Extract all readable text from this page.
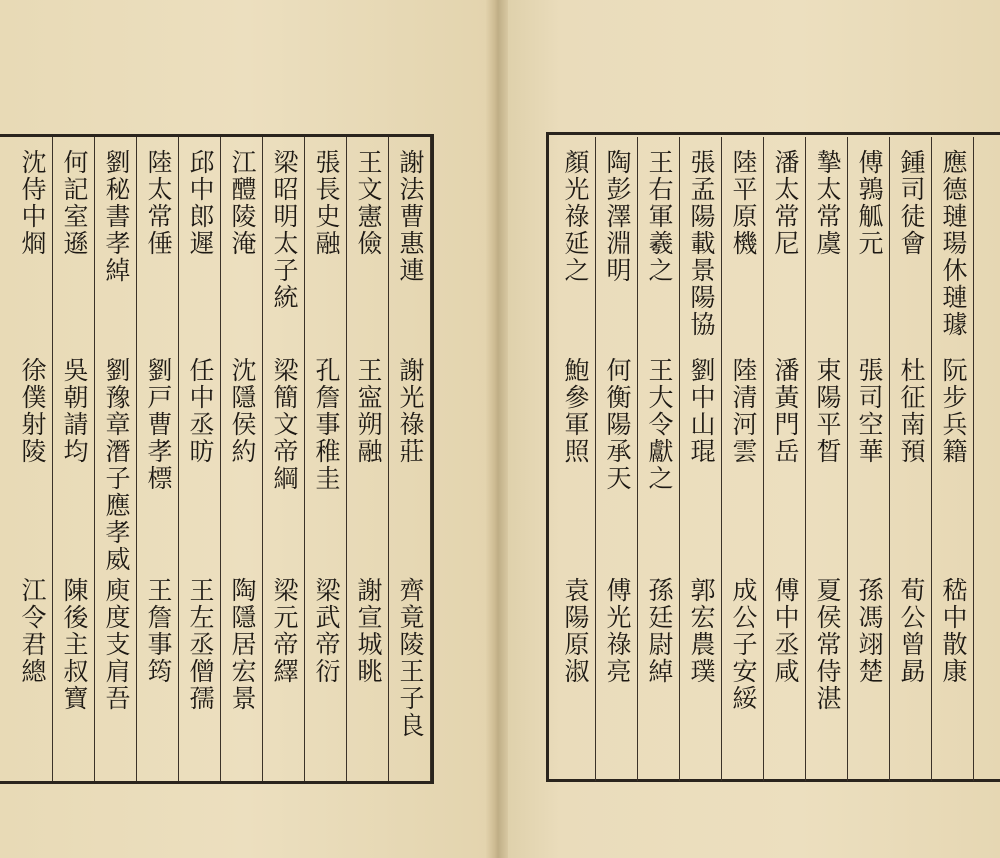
謝法曹惠連
謝光祿莊
齊竟陵王子良
王文憲儉
王寍朔融
謝宣城眺
張長史融
孔詹事稚圭
梁武帝衍
梁昭明太子統
梁簡文帝綱
梁元帝繹
江醴陵淹
沈隱侯約
陶隱居宏景
邱中郎遲
任中丞昉
王左丞僧孺
陸太常倕
劉戸曹孝標
王詹事筠
劉秘書孝綽
劉豫章潛子應孝威
庾度支肩吾
何記室遜
吳朝請均
陳後主叔寶
沈侍中烱
徐僕射陵
江令君總
應德璉瑒休璉璩
阮步兵籍
嵇中散康
鍾司徒會
杜征南預
荀公曾勗
傅鶉觚元
張司空華
孫馮翊楚
摯太常虞
束陽平晳
夏侯常侍湛
潘太常尼
潘黃門岳
傅中丞咸
陸平原機
陸清河雲
成公子安綏
張孟陽載景陽協
劉中山琨
郭宏農璞
王右軍羲之
王大令獻之
孫廷尉綽
陶彭澤淵明
何衡陽承天
傅光祿亮
顏光祿延之
鮑參軍照
袁陽原淑
